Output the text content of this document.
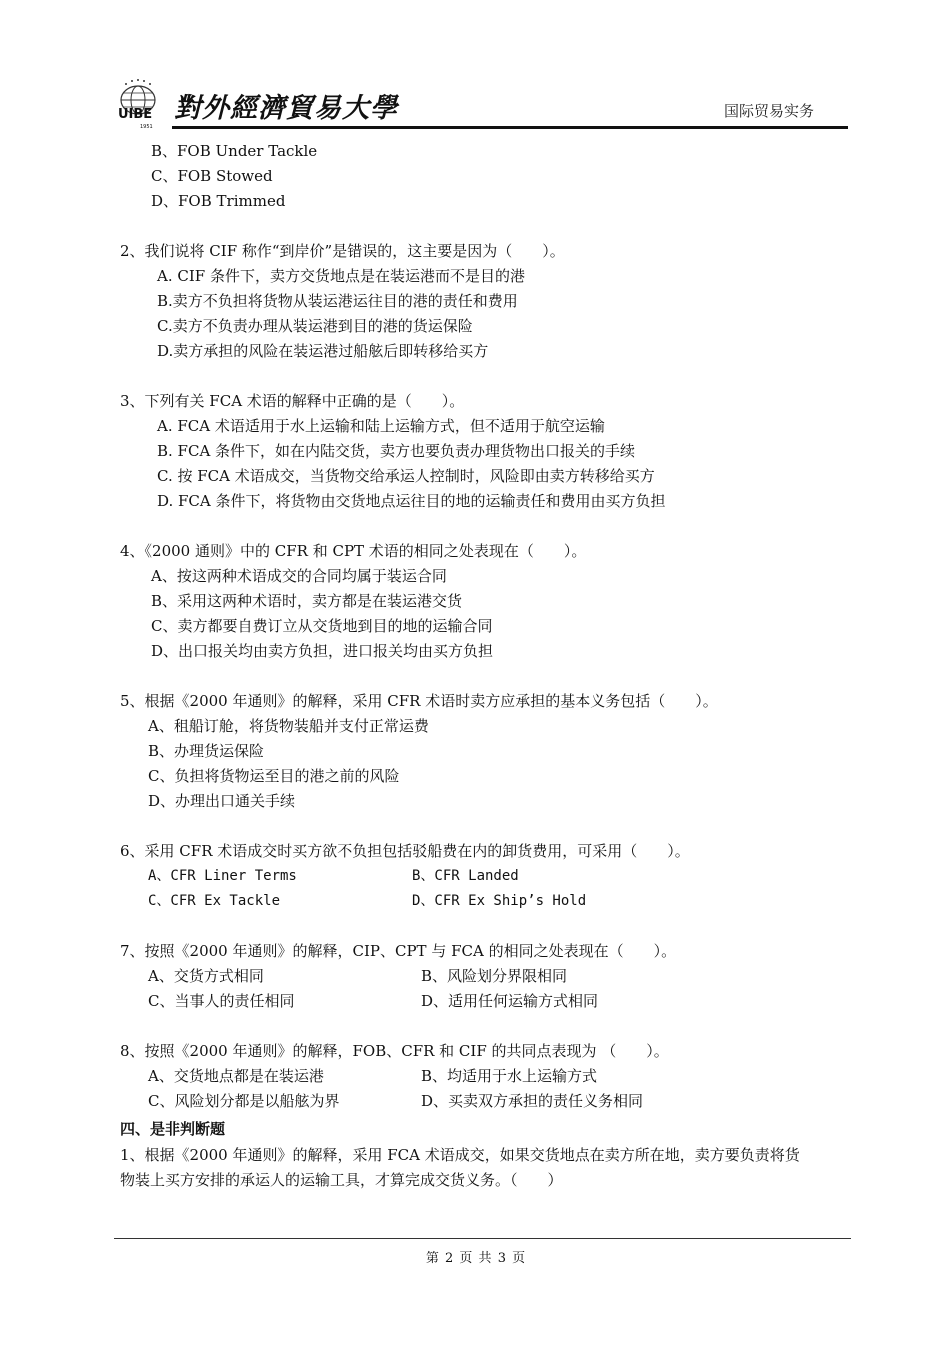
UIBE
1951
對外經濟貿易大學	国际贸易实务
B、FOB Under Tackle
C、FOB Stowed
D、FOB Trimmed
2、我们说将 CIF 称作“到岸价”是错误的，这主要是因为（　　）。
A. CIF 条件下，卖方交货地点是在装运港而不是目的港
B.卖方不负担将货物从装运港运往目的港的责任和费用
C.卖方不负责办理从装运港到目的港的货运保险
D.卖方承担的风险在装运港过船舷后即转移给买方
3、下列有关 FCA 术语的解释中正确的是（　　）。
A. FCA 术语适用于水上运输和陆上运输方式，但不适用于航空运输
B. FCA 条件下，如在内陆交货，卖方也要负责办理货物出口报关的手续
C. 按 FCA 术语成交，当货物交给承运人控制时，风险即由卖方转移给买方
D. FCA 条件下，将货物由交货地点运往目的地的运输责任和费用由买方负担
4、《2000 通则》中的 CFR 和 CPT 术语的相同之处表现在（　　）。
A、按这两种术语成交的合同均属于装运合同
B、采用这两种术语时，卖方都是在装运港交货
C、卖方都要自费订立从交货地到目的地的运输合同
D、出口报关均由卖方负担，进口报关均由买方负担
5、根据《2000 年通则》的解释，采用 CFR 术语时卖方应承担的基本义务包括（　　）。
A、租船订舱，将货物装船并支付正常运费
B、办理货运保险
C、负担将货物运至目的港之前的风险
D、办理出口通关手续
6、采用 CFR 术语成交时买方欲不负担包括驳船费在内的卸货费用，可采用（　　）。
A、CFR Liner Terms	B、CFR Landed
C、CFR Ex Tackle	D、CFR Ex Ship’s Hold
7、按照《2000 年通则》的解释，CIP、CPT 与 FCA 的相同之处表现在（　　）。
A、交货方式相同	B、风险划分界限相同
C、当事人的责任相同	D、适用任何运输方式相同
8、按照《2000 年通则》的解释，FOB、CFR 和 CIF 的共同点表现为 （　　）。
A、交货地点都是在装运港	B、均适用于水上运输方式
C、风险划分都是以船舷为界	D、买卖双方承担的责任义务相同
四、是非判断题
1、根据《2000 年通则》的解释，采用 FCA 术语成交，如果交货地点在卖方所在地，卖方要负责将货
物装上买方安排的承运人的运输工具，才算完成交货义务。（　　）
第 2 页 共 3 页
